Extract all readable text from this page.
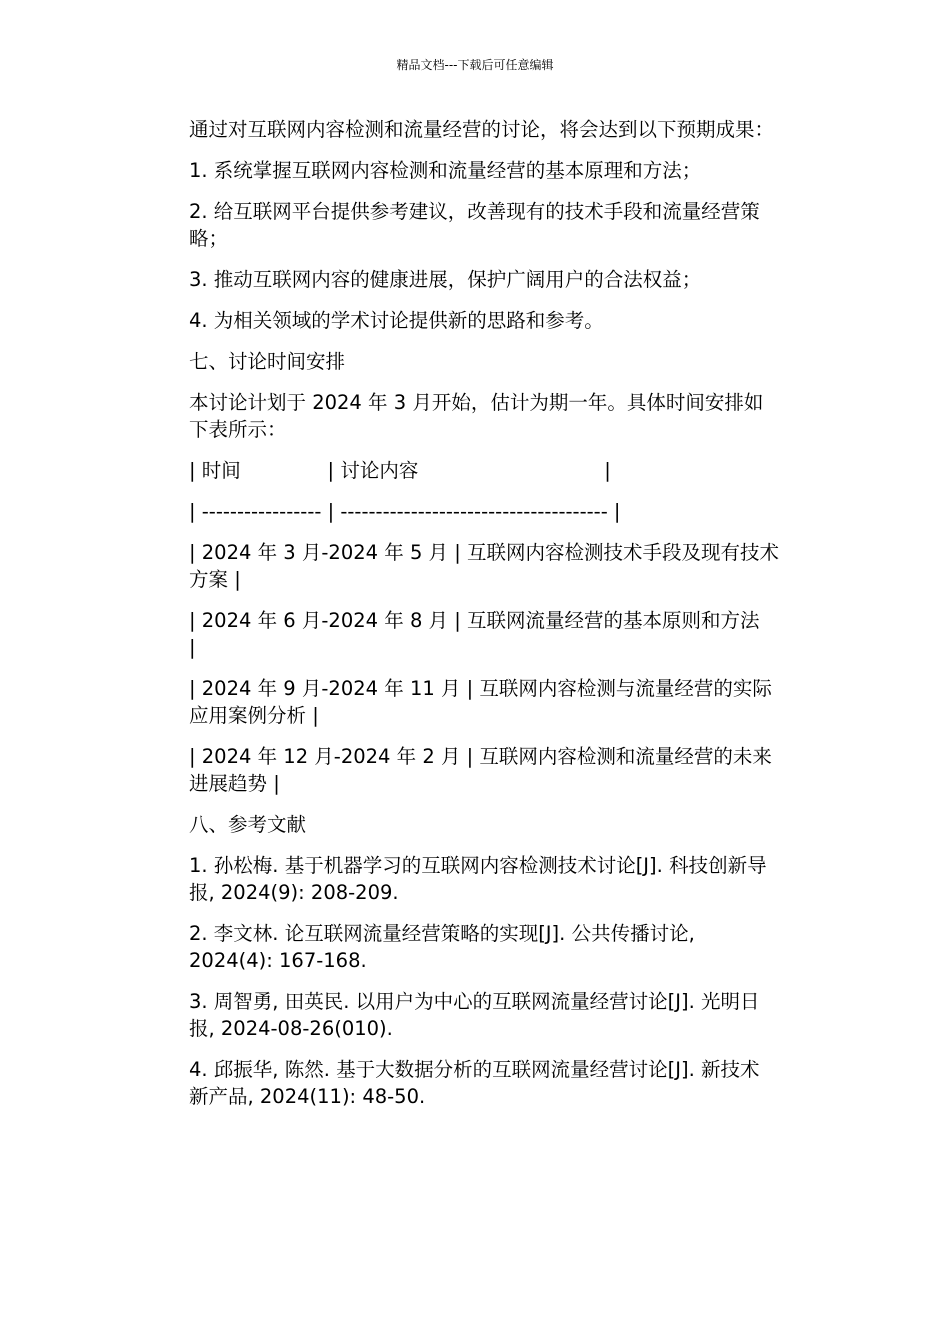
精品文档---下载后可任意编辑

通过对互联网内容检测和流量经营的讨论，将会达到以下预期成果：

1. 系统掌握互联网内容检测和流量经营的基本原理和方法；

2. 给互联网平台提供参考建议，改善现有的技术手段和流量经营策
略；

3. 推动互联网内容的健康进展，保护广阔用户的合法权益；

4. 为相关领域的学术讨论提供新的思路和参考。

七、讨论时间安排

本讨论计划于 2024 年 3 月开始，估计为期一年。具体时间安排如
下表所示：

| 时间              | 讨论内容                              |

| ----------------- | -------------------------------------- |

| 2024 年 3 月-2024 年 5 月 | 互联网内容检测技术手段及现有技术
方案 |

| 2024 年 6 月-2024 年 8 月 | 互联网流量经营的基本原则和方法
|

| 2024 年 9 月-2024 年 11 月 | 互联网内容检测与流量经营的实际
应用案例分析 |

| 2024 年 12 月-2024 年 2 月 | 互联网内容检测和流量经营的未来
进展趋势 |

八、参考文献

1. 孙松梅. 基于机器学习的互联网内容检测技术讨论[J]. 科技创新导
报, 2024(9): 208-209.

2. 李文林. 论互联网流量经营策略的实现[J]. 公共传播讨论,
2024(4): 167-168.

3. 周智勇, 田英民. 以用户为中心的互联网流量经营讨论[J]. 光明日
报, 2024-08-26(010).

4. 邱振华, 陈然. 基于大数据分析的互联网流量经营讨论[J]. 新技术
新产品, 2024(11): 48-50.
